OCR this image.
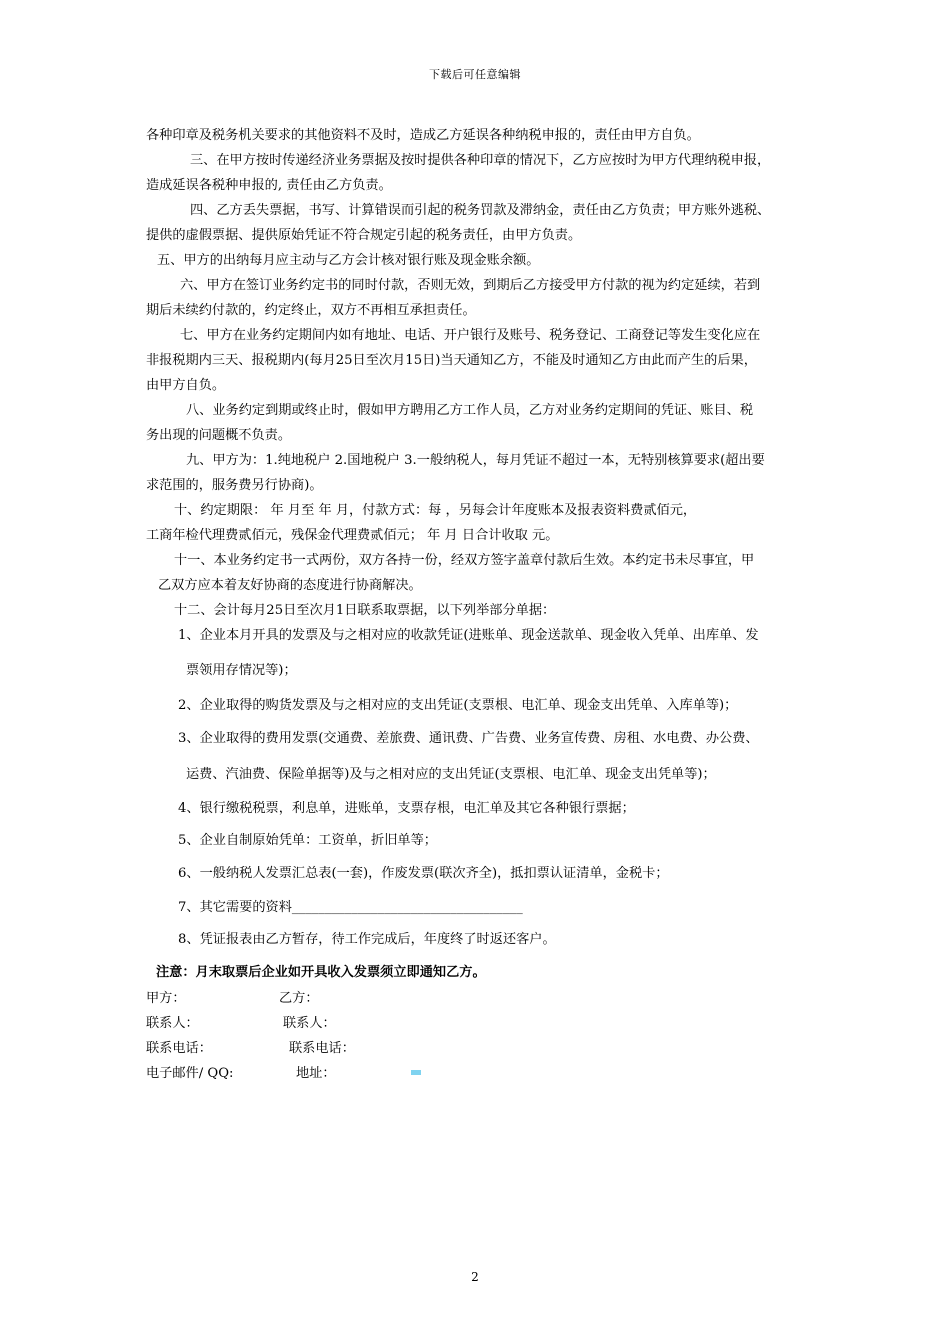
下载后可任意编辑
各种印章及税务机关要求的其他资料不及时，造成乙方延误各种纳税申报的，责任由甲方自负。
三、在甲方按时传递经济业务票据及按时提供各种印章的情况下，乙方应按时为甲方代理纳税申报，
造成延误各税种申报的, 责任由乙方负责。
四、乙方丢失票据，书写、计算错误而引起的税务罚款及滞纳金，责任由乙方负责；甲方账外逃税、
提供的虚假票据、提供原始凭证不符合规定引起的税务责任，由甲方负责。
五、甲方的出纳每月应主动与乙方会计核对银行账及现金账余额。
六、甲方在签订业务约定书的同时付款，否则无效，到期后乙方接受甲方付款的视为约定延续，若到
期后未续约付款的，约定终止，双方不再相互承担责任。
七、甲方在业务约定期间内如有地址、电话、开户银行及账号、税务登记、工商登记等发生变化应在
非报税期内三天、报税期内(每月25日至次月15日)当天通知乙方，不能及时通知乙方由此而产生的后果，
由甲方自负。
八、业务约定到期或终止时，假如甲方聘用乙方工作人员，乙方对业务约定期间的凭证、账目、税
务出现的问题概不负责。
九、甲方为：1.纯地税户 2.国地税户 3.一般纳税人，每月凭证不超过一本，无特别核算要求(超出要
求范围的，服务费另行协商)。
十、约定期限： 年 月至 年 月，付款方式：每 ，另每会计年度账本及报表资料费贰佰元，
工商年检代理费贰佰元，残保金代理费贰佰元； 年 月 日合计收取 元。
十一、本业务约定书一式两份，双方各持一份，经双方签字盖章付款后生效。本约定书未尽事宜，甲
乙双方应本着友好协商的态度进行协商解决。
十二、会计每月25日至次月1日联系取票据，以下列举部分单据：
1、企业本月开具的发票及与之相对应的收款凭证(进账单、现金送款单、现金收入凭单、出库单、发
票领用存情况等)；
2、企业取得的购货发票及与之相对应的支出凭证(支票根、电汇单、现金支出凭单、入库单等)；
3、企业取得的费用发票(交通费、差旅费、通讯费、广告费、业务宣传费、房租、水电费、办公费、
运费、汽油费、保险单据等)及与之相对应的支出凭证(支票根、电汇单、现金支出凭单等)；
4、银行缴税税票，利息单，进账单，支票存根，电汇单及其它各种银行票据；
5、企业自制原始凭单：工资单，折旧单等；
6、一般纳税人发票汇总表(一套)，作废发票(联次齐全)，抵扣票认证清单，金税卡；
7、其它需要的资料___________________________________
8、凭证报表由乙方暂存，待工作完成后，年度终了时返还客户。
注意：月末取票后企业如开具收入发票须立即通知乙方。
甲方：	乙方：
联系人：	联系人：
联系电话：	联系电话：
电子邮件/ QQ:	地址：
2
